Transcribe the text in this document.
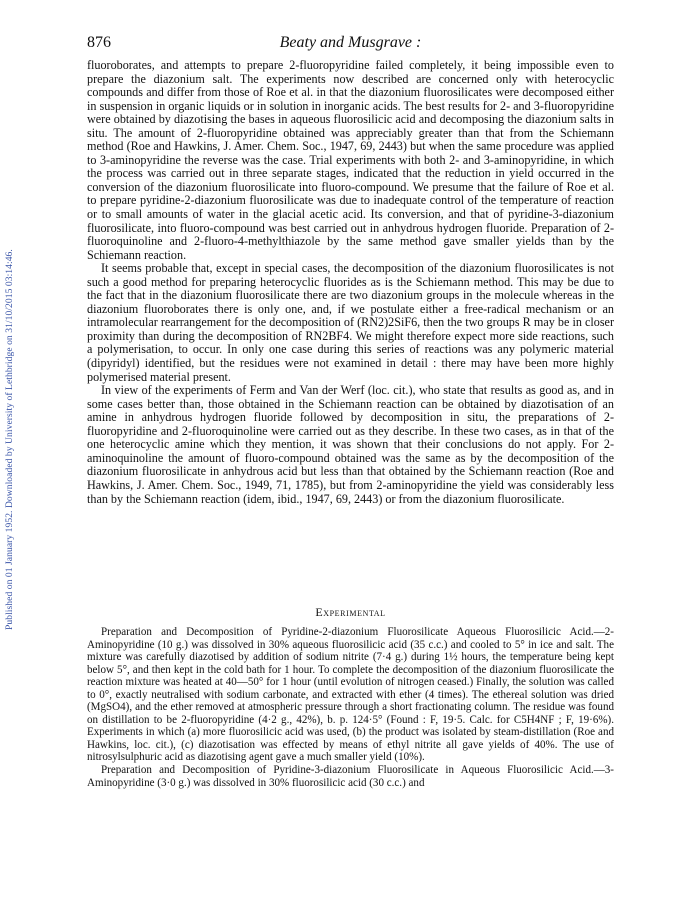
Published on 01 January 1952. Downloaded by University of Lethbridge on 31/10/2015 03:14:46.
876	Beaty and Musgrave :

fluoroborates, and attempts to prepare 2-fluoropyridine failed completely, it being impossible even to prepare the diazonium salt. The experiments now described are concerned only with heterocyclic compounds and differ from those of Roe et al. in that the diazonium fluorosilicates were decomposed either in suspension in organic liquids or in solution in inorganic acids. The best results for 2- and 3-fluoropyridine were obtained by diazotising the bases in aqueous fluorosilicic acid and decomposing the diazonium salts in situ. The amount of 2-fluoropyridine obtained was appreciably greater than that from the Schiemann method (Roe and Hawkins, J. Amer. Chem. Soc., 1947, 69, 2443) but when the same procedure was applied to 3-aminopyridine the reverse was the case. Trial experiments with both 2- and 3-aminopyridine, in which the process was carried out in three separate stages, indicated that the reduction in yield occurred in the conversion of the diazonium fluorosilicate into fluoro-compound. We presume that the failure of Roe et al. to prepare pyridine-2-diazonium fluorosilicate was due to inadequate control of the temperature of reaction or to small amounts of water in the glacial acetic acid. Its conversion, and that of pyridine-3-diazonium fluorosilicate, into fluoro-compound was best carried out in anhydrous hydrogen fluoride. Preparation of 2-fluoroquinoline and 2-fluoro-4-methylthiazole by the same method gave smaller yields than by the Schiemann reaction.

It seems probable that, except in special cases, the decomposition of the diazonium fluorosilicates is not such a good method for preparing heterocyclic fluorides as is the Schiemann method. This may be due to the fact that in the diazonium fluorosilicate there are two diazonium groups in the molecule whereas in the diazonium fluoroborates there is only one, and, if we postulate either a free-radical mechanism or an intramolecular rearrangement for the decomposition of (RN2)2SiF6, then the two groups R may be in closer proximity than during the decomposition of RN2BF4. We might therefore expect more side reactions, such a polymerisation, to occur. In only one case during this series of reactions was any polymeric material (dipyridyl) identified, but the residues were not examined in detail : there may have been more highly polymerised material present.

In view of the experiments of Ferm and Van der Werf (loc. cit.), who state that results as good as, and in some cases better than, those obtained in the Schiemann reaction can be obtained by diazotisation of an amine in anhydrous hydrogen fluoride followed by decomposition in situ, the preparations of 2-fluoropyridine and 2-fluoroquinoline were carried out as they describe. In these two cases, as in that of the one heterocyclic amine which they mention, it was shown that their conclusions do not apply. For 2-aminoquinoline the amount of fluoro-compound obtained was the same as by the decomposition of the diazonium fluorosilicate in anhydrous acid but less than that obtained by the Schiemann reaction (Roe and Hawkins, J. Amer. Chem. Soc., 1949, 71, 1785), but from 2-aminopyridine the yield was considerably less than by the Schiemann reaction (idem, ibid., 1947, 69, 2443) or from the diazonium fluorosilicate.

Experimental

Preparation and Decomposition of Pyridine-2-diazonium Fluorosilicate Aqueous Fluorosilicic Acid.—2-Aminopyridine (10 g.) was dissolved in 30% aqueous fluorosilicic acid (35 c.c.) and cooled to 5° in ice and salt. The mixture was carefully diazotised by addition of sodium nitrite (7·4 g.) during 1½ hours, the temperature being kept below 5°, and then kept in the cold bath for 1 hour. To complete the decomposition of the diazonium fluorosilicate the reaction mixture was heated at 40—50° for 1 hour (until evolution of nitrogen ceased.) Finally, the solution was called to 0°, exactly neutralised with sodium carbonate, and extracted with ether (4 times). The ethereal solution was dried (MgSO4), and the ether removed at atmospheric pressure through a short fractionating column. The residue was found on distillation to be 2-fluoropyridine (4·2 g., 42%), b. p. 124·5° (Found : F, 19·5. Calc. for C5H4NF ; F, 19·6%). Experiments in which (a) more fluorosilicic acid was used, (b) the product was isolated by steam-distillation (Roe and Hawkins, loc. cit.), (c) diazotisation was effected by means of ethyl nitrite all gave yields of 40%. The use of nitrosylsulphuric acid as diazotising agent gave a much smaller yield (10%).

Preparation and Decomposition of Pyridine-3-diazonium Fluorosilicate in Aqueous Fluorosilicic Acid.—3-Aminopyridine (3·0 g.) was dissolved in 30% fluorosilicic acid (30 c.c.) and
